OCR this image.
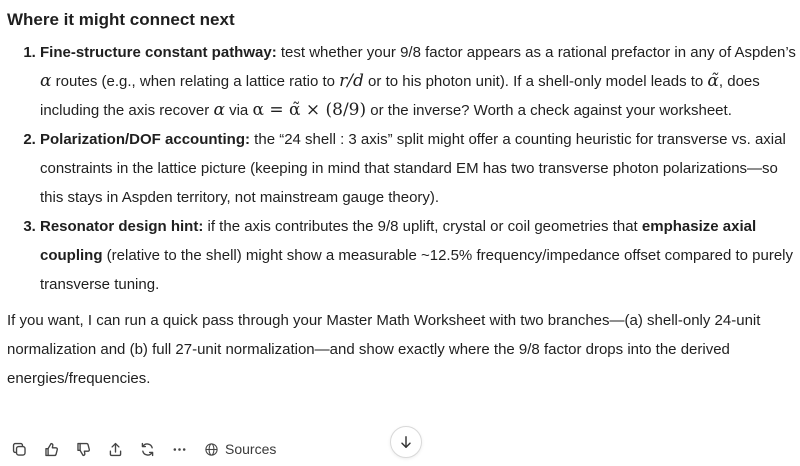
Where it might connect next
1. Fine-structure constant pathway: test whether your 9/8 factor appears as a rational prefactor in any of Aspden’s α routes (e.g., when relating a lattice ratio to r/d or to his photon unit). If a shell-only model leads to α̃, does including the axis recover α via α = α̃ × (8/9) or the inverse? Worth a check against your worksheet.
2. Polarization/DOF accounting: the “24 shell : 3 axis” split might offer a counting heuristic for transverse vs. axial constraints in the lattice picture (keeping in mind that standard EM has two transverse photon polarizations—so this stays in Aspden territory, not mainstream gauge theory).
3. Resonator design hint: if the axis contributes the 9/8 uplift, crystal or coil geometries that emphasize axial coupling (relative to the shell) might show a measurable ~12.5% frequency/impedance offset compared to purely transverse tuning.

If you want, I can run a quick pass through your Master Math Worksheet with two branches—(a) shell-only 24-unit normalization and (b) full 27-unit normalization—and show exactly where the 9/8 factor drops into the derived energies/frequencies.

Sources
